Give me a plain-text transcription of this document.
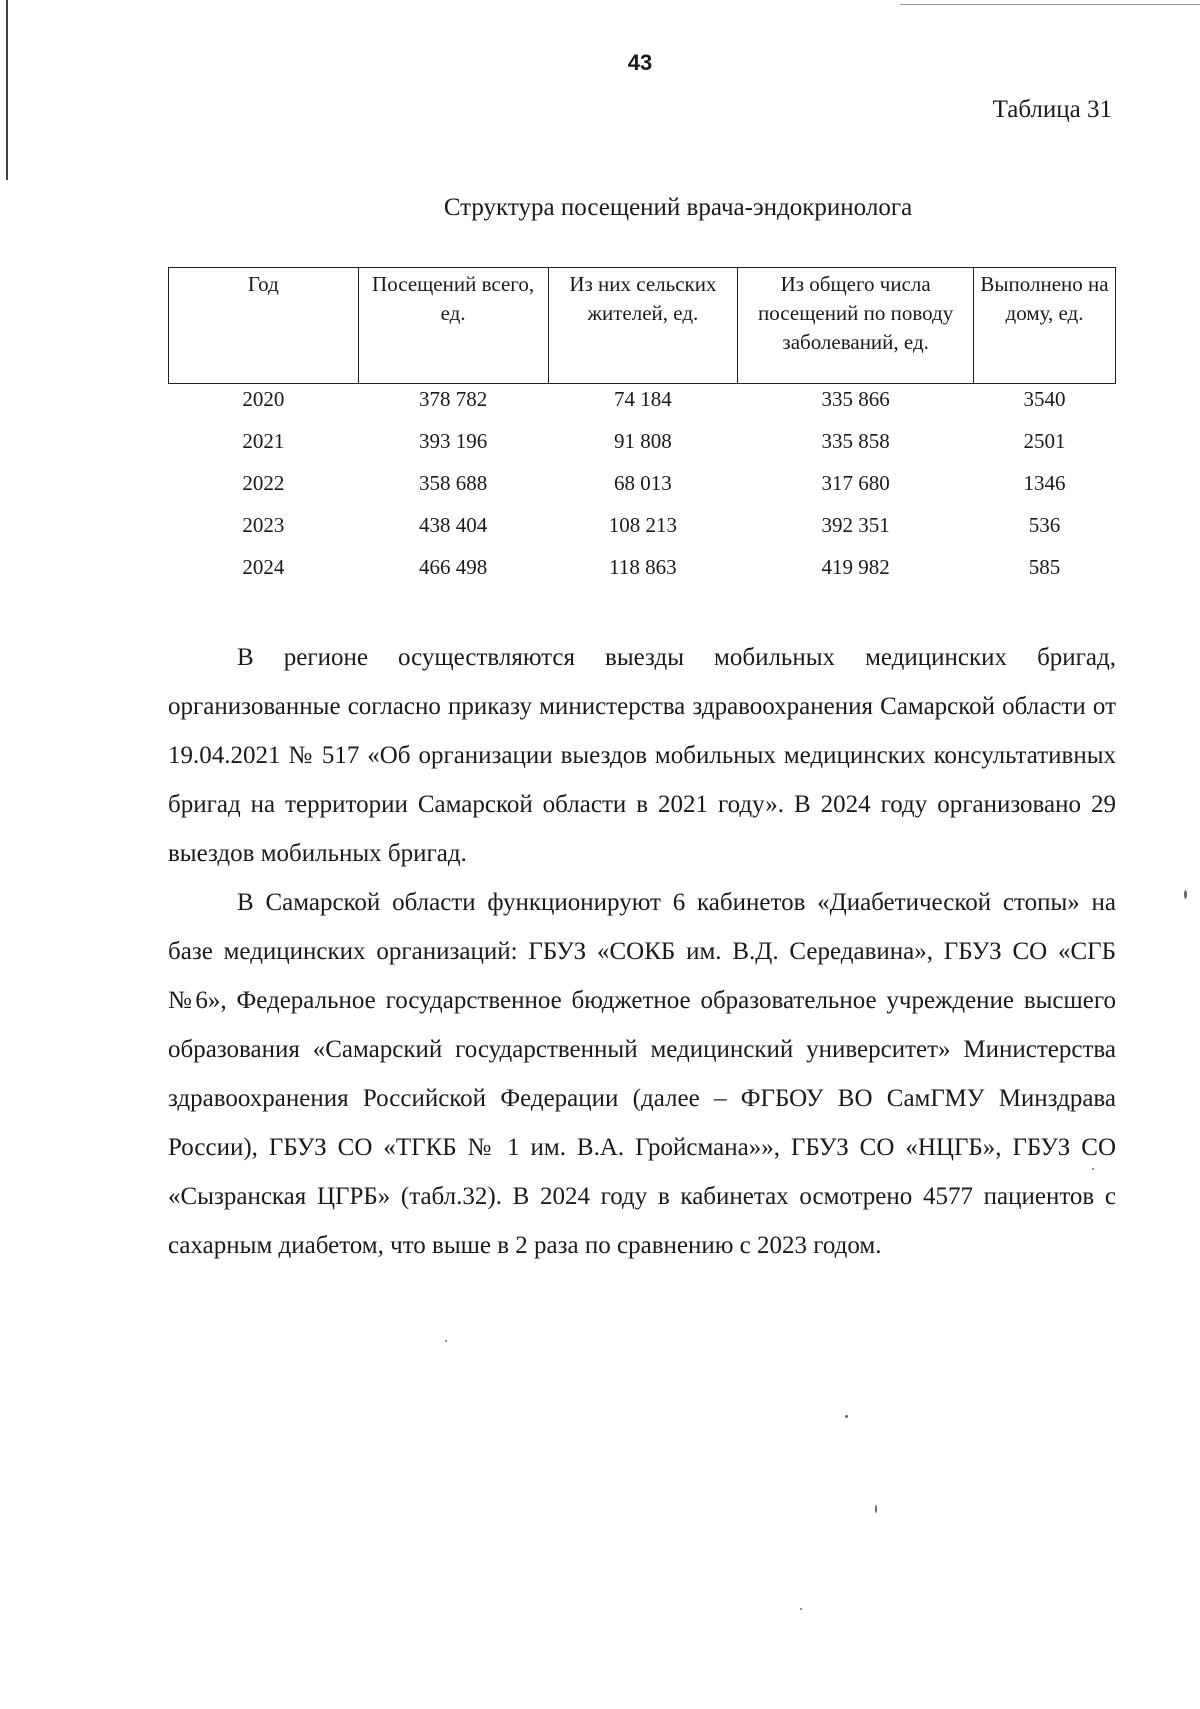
43
Таблица 31
Структура посещений врача-эндокринолога
Год	Посещений всего, ед.	Из них сельских жителей, ед.	Из общего числа посещений по поводу заболеваний, ед.	Выполнено на дому, ед.
2020	378 782	74 184	335 866	3540
2021	393 196	91 808	335 858	2501
2022	358 688	68 013	317 680	1346
2023	438 404	108 213	392 351	536
2024	466 498	118 863	419 982	585

В регионе осуществляются выезды мобильных медицинских бригад, организованные согласно приказу министерства здравоохранения Самарской области от 19.04.2021 № 517 «Об организации выездов мобильных медицинских консультативных бригад на территории Самарской области в 2021 году». В 2024 году организовано 29 выездов мобильных бригад.

В Самарской области функционируют 6 кабинетов «Диабетической стопы» на базе медицинских организаций: ГБУЗ «СОКБ им. В.Д. Середавина», ГБУЗ СО «СГБ №6», Федеральное государственное бюджетное образовательное учреждение высшего образования «Самарский государственный медицинский университет» Министерства здравоохранения Российской Федерации (далее – ФГБОУ ВО СамГМУ Минздрава России), ГБУЗ СО «ТГКБ № 1 им. В.А. Гройсмана»», ГБУЗ СО «НЦГБ», ГБУЗ СО «Сызранская ЦГРБ» (табл.32). В 2024 году в кабинетах осмотрено 4577 пациентов с сахарным диабетом, что выше в 2 раза по сравнению с 2023 годом.
